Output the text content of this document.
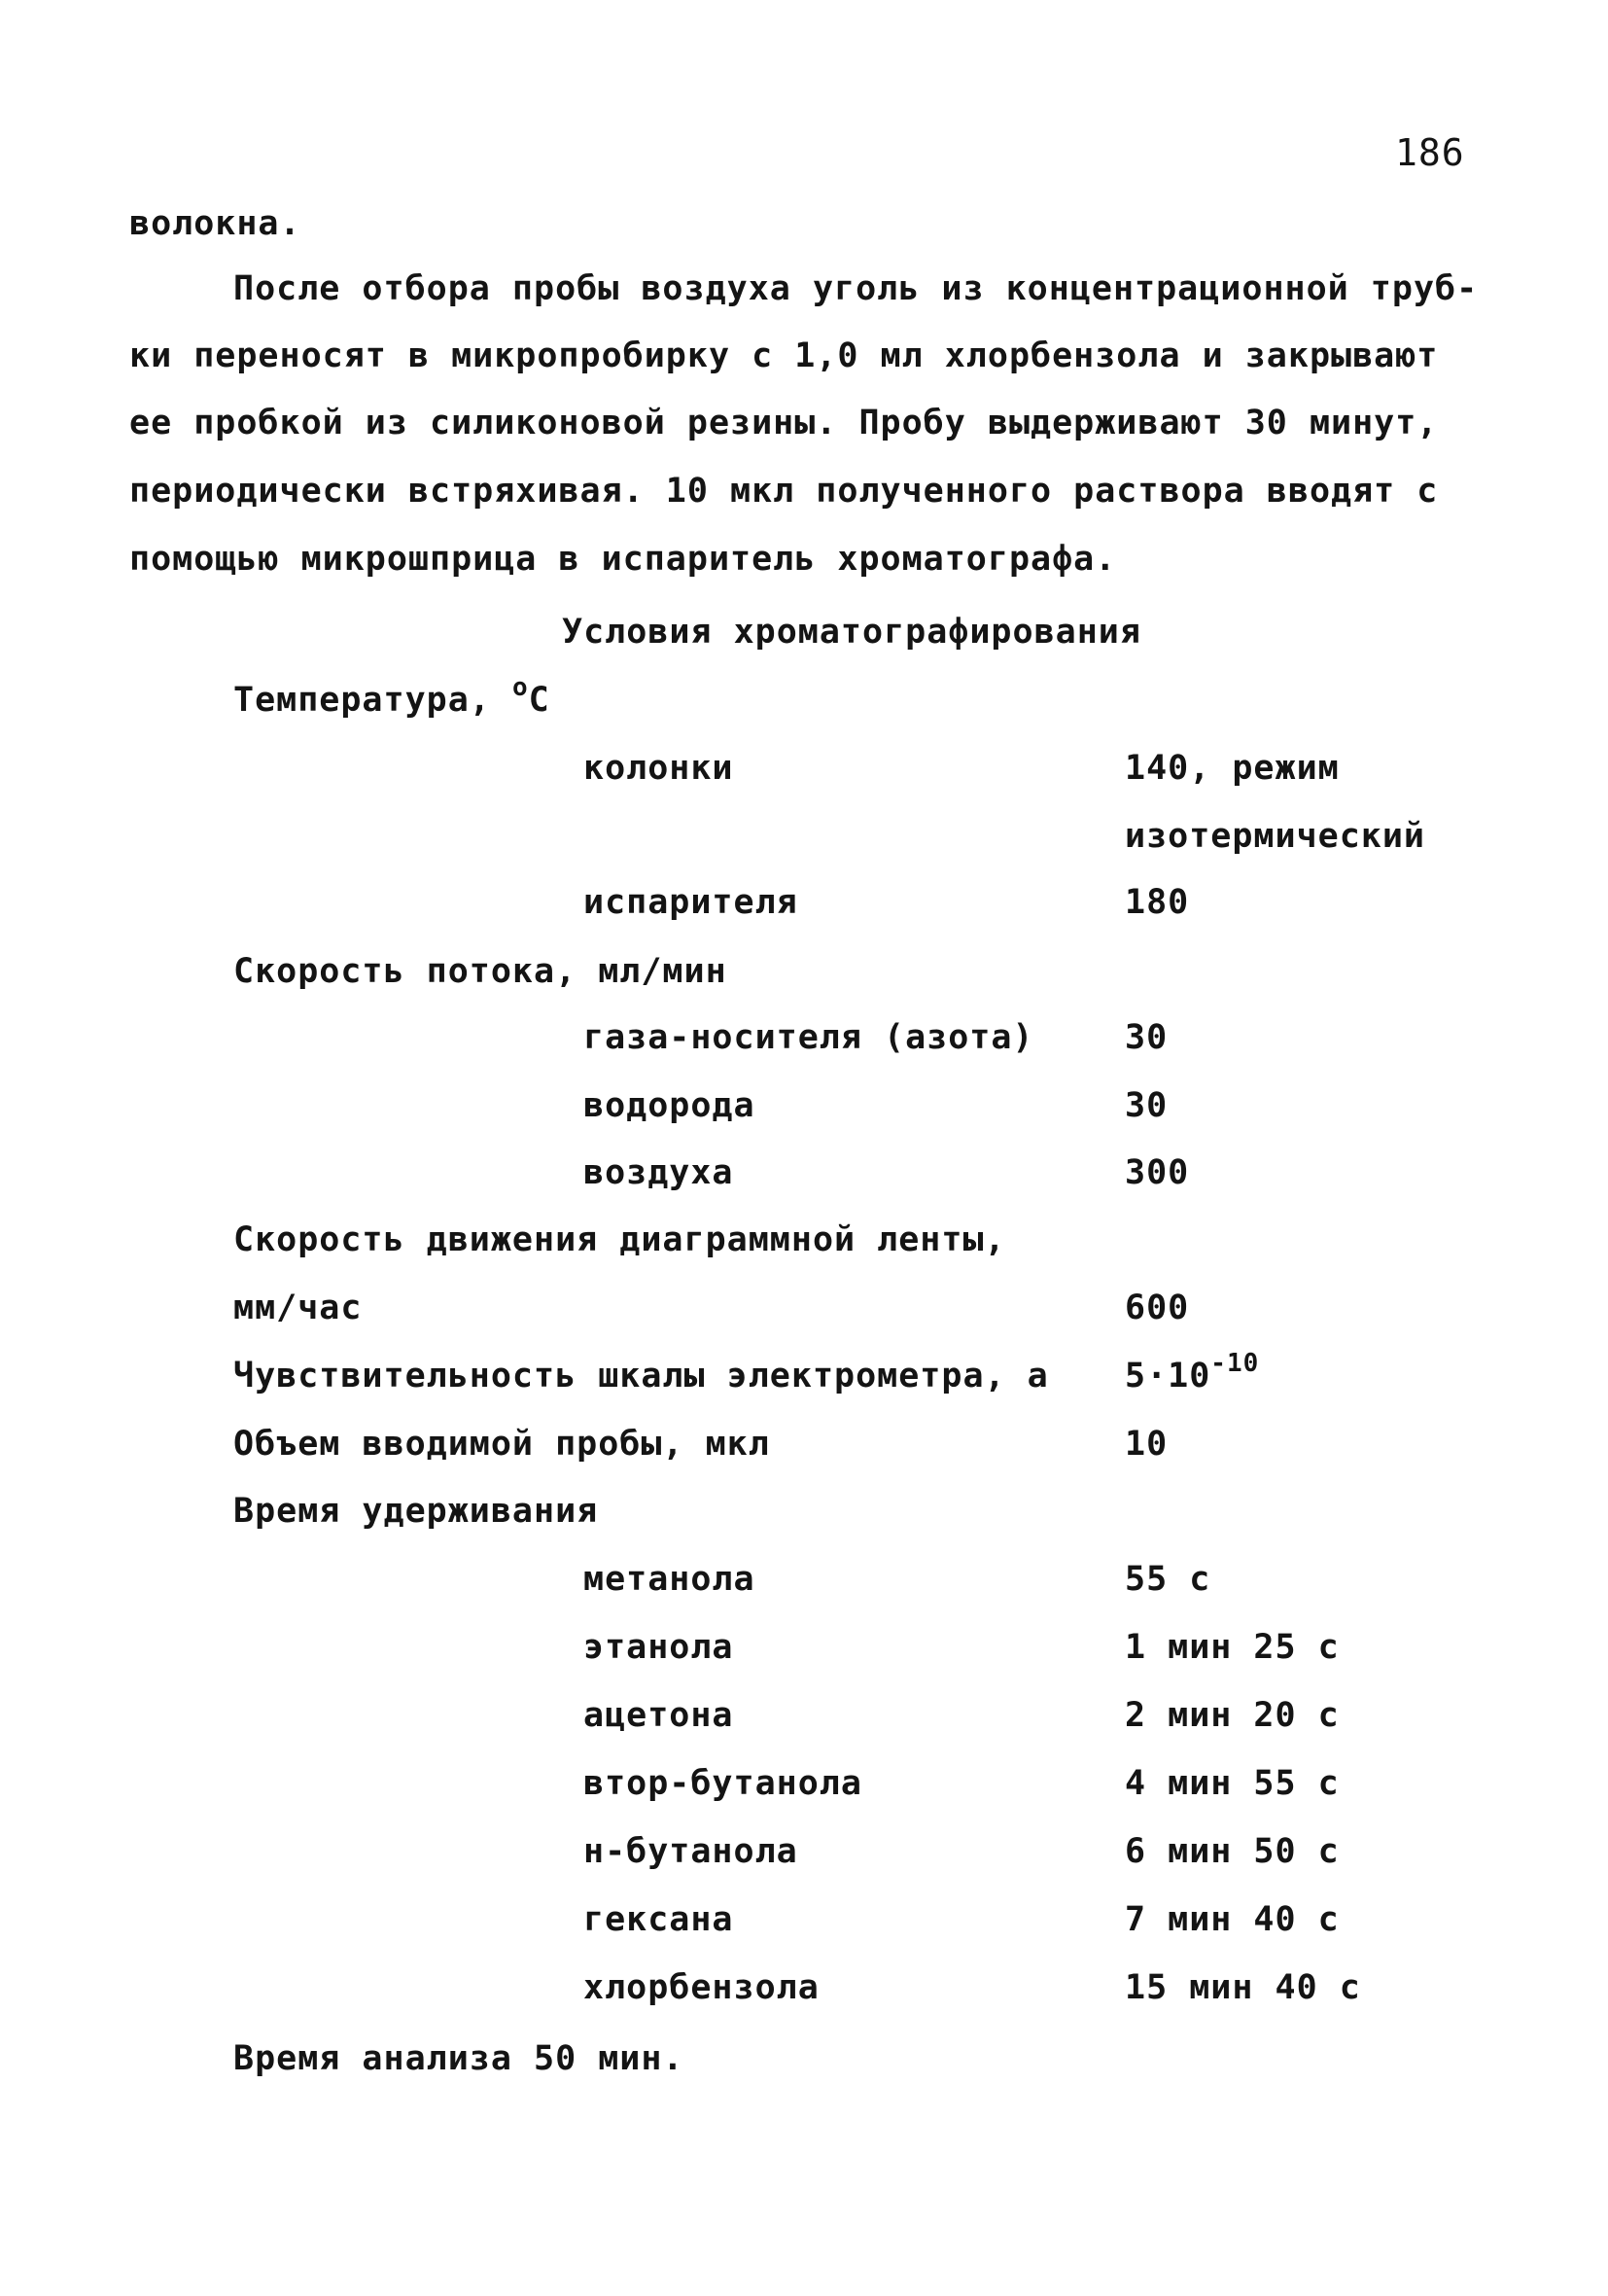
186
волокна.
После отбора пробы воздуха уголь из концентрационной труб-
ки переносят в микропробирку с 1,0 мл хлорбензола и закрывают
ее пробкой из силиконовой резины. Пробу выдерживают 30 минут,
периодически встряхивая. 10 мкл полученного раствора вводят с
помощью микрошприца в испаритель хроматографа.
Условия хроматографирования
Температура, $^o$C
колонки	140, режим
изотермический
испарителя	180
Скорость потока, мл/мин
газа-носителя (азота)	30
водорода	30
воздуха	300
Скорость движения диаграммной ленты,
мм/час	600
Чувствительность шкалы электрометра, а $5\cdot 10^{-10}$
Объем вводимой пробы, мкл	10
Время удерживания
метанола	55 с
этанола	1 мин 25 с
ацетона	2 мин 20 с
втор-бутанола	4 мин 55 с
н-бутанола	6 мин 50 с
гексана	7 мин 40 с
хлорбензола	15 мин 40 с
Время анализа 50 мин.
